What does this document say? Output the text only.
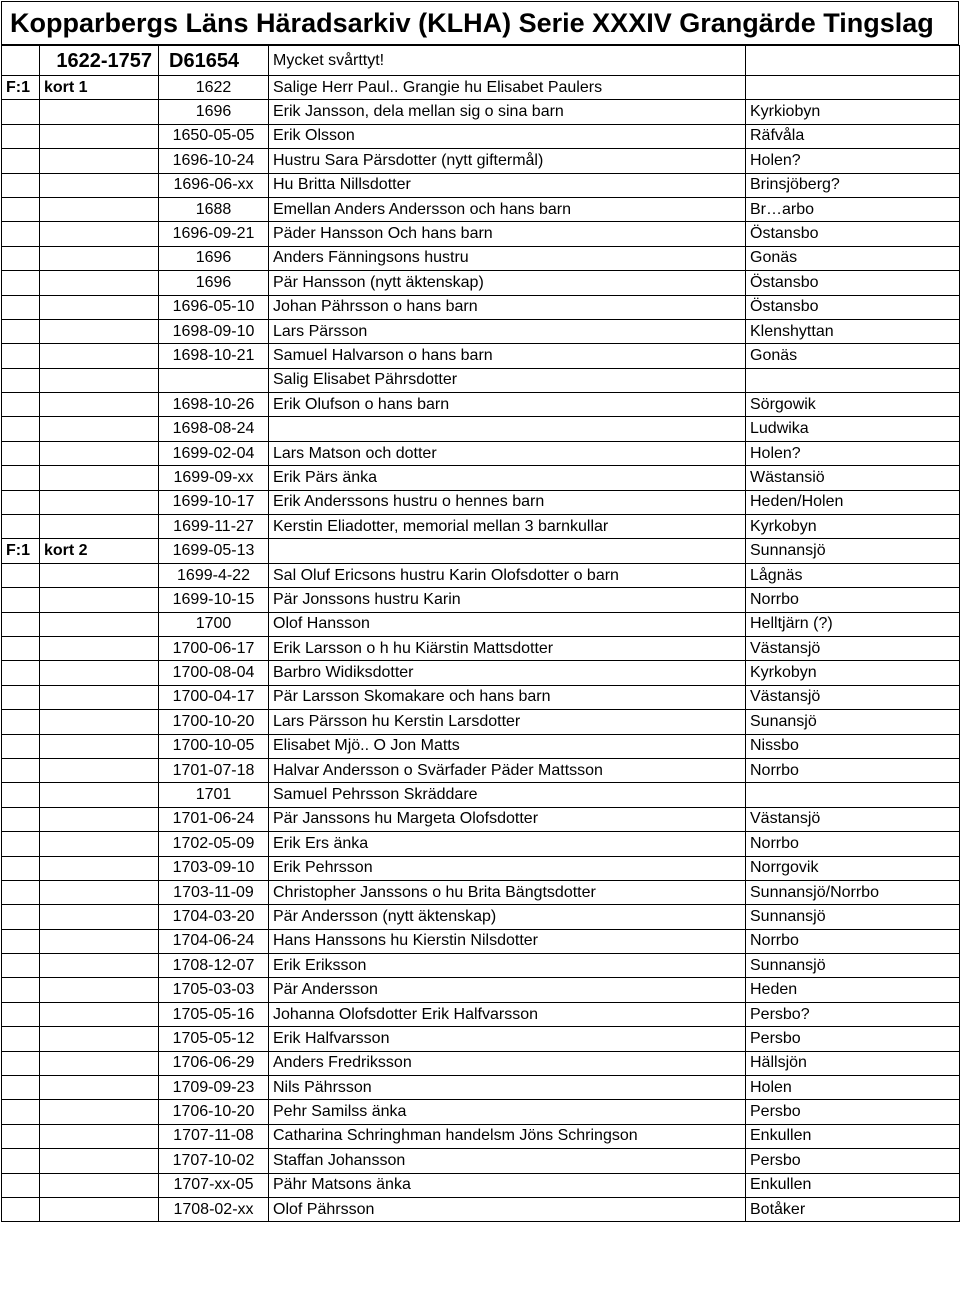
Kopparbergs Läns Häradsarkiv (KLHA) Serie XXXIV Grangärde Tingslag
	1622-1757	D61654	Mycket svårttyt!	
F:1	kort 1	1622	Salige Herr Paul.. Grangie hu Elisabet Paulers	
		1696	Erik Jansson, dela mellan sig o sina barn	Kyrkiobyn
		1650-05-05	Erik Olsson	Räfvåla
		1696-10-24	Hustru Sara Pärsdotter (nytt giftermål)	Holen?
		1696-06-xx	Hu Britta Nillsdotter	Brinsjöberg?
		1688	Emellan Anders Andersson och hans barn	Br…arbo
		1696-09-21	Päder Hansson Och hans barn	Östansbo
		1696	Anders Fänningsons hustru	Gonäs
		1696	Pär Hansson (nytt äktenskap)	Östansbo
		1696-05-10	Johan Pährsson o hans barn	Östansbo
		1698-09-10	Lars Pärsson	Klenshyttan
		1698-10-21	Samuel Halvarson o hans barn	Gonäs
			Salig Elisabet Pährsdotter	
		1698-10-26	Erik Olufson o hans barn	Sörgowik
		1698-08-24		Ludwika
		1699-02-04	Lars Matson och dotter	Holen?
		1699-09-xx	Erik Pärs änka	Wästansiö
		1699-10-17	Erik Anderssons hustru o hennes barn	Heden/Holen
		1699-11-27	Kerstin Eliadotter, memorial mellan 3 barnkullar	Kyrkobyn
F:1	kort 2	1699-05-13		Sunnansjö
		1699-4-22	Sal Oluf Ericsons hustru Karin Olofsdotter o barn	Lågnäs
		1699-10-15	Pär Jonssons hustru Karin	Norrbo
		1700	Olof Hansson	Helltjärn (?)
		1700-06-17	Erik Larsson o h hu Kiärstin Mattsdotter	Västansjö
		1700-08-04	Barbro Widiksdotter	Kyrkobyn
		1700-04-17	Pär Larsson Skomakare och hans barn	Västansjö
		1700-10-20	Lars Pärsson hu Kerstin Larsdotter	Sunansjö
		1700-10-05	Elisabet Mjö.. O Jon Matts	Nissbo
		1701-07-18	Halvar Andersson o Svärfader Päder Mattsson	Norrbo
		1701	Samuel Pehrsson Skräddare	
		1701-06-24	Pär Janssons hu Margeta Olofsdotter	Västansjö
		1702-05-09	Erik Ers änka	Norrbo
		1703-09-10	Erik Pehrsson	Norrgovik
		1703-11-09	Christopher Janssons o hu Brita Bängtsdotter	Sunnansjö/Norrbo
		1704-03-20	Pär Andersson (nytt äktenskap)	Sunnansjö
		1704-06-24	Hans Hanssons hu Kierstin Nilsdotter	Norrbo
		1708-12-07	Erik Eriksson	Sunnansjö
		1705-03-03	Pär Andersson	Heden
		1705-05-16	Johanna Olofsdotter Erik Halfvarsson	Persbo?
		1705-05-12	Erik Halfvarsson	Persbo
		1706-06-29	Anders Fredriksson	Hällsjön
		1709-09-23	Nils Pährsson	Holen
		1706-10-20	Pehr Samilss änka	Persbo
		1707-11-08	Catharina Schringhman handelsm Jöns Schringson	Enkullen
		1707-10-02	Staffan Johansson	Persbo
		1707-xx-05	Pähr Matsons änka	Enkullen
		1708-02-xx	Olof Pährsson	Botåker
